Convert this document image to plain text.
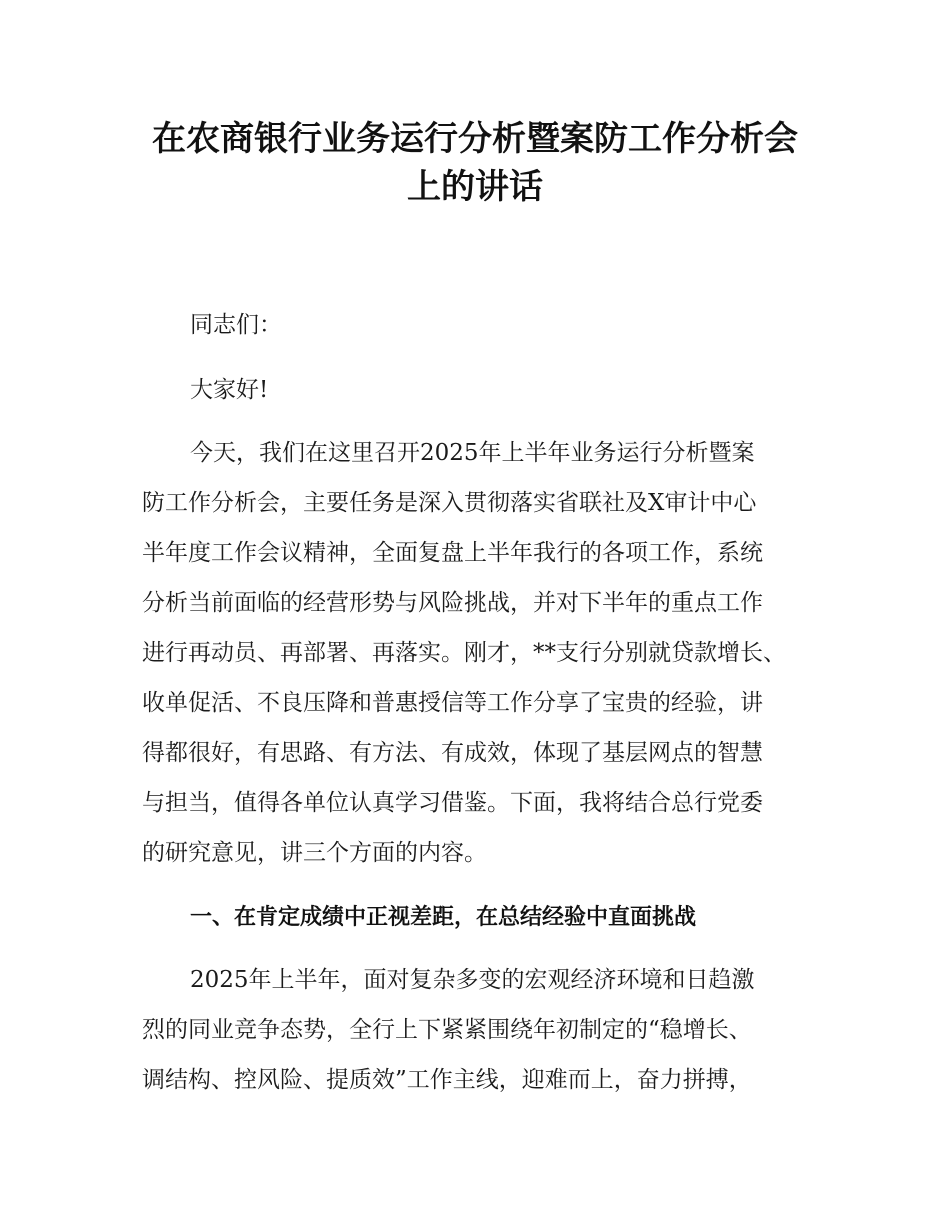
在农商银行业务运行分析暨案防工作分析会
上的讲话

同志们：

大家好!

今天，我们在这里召开2025年上半年业务运行分析暨案

防工作分析会，主要任务是深入贯彻落实省联社及X审计中心

半年度工作会议精神，全面复盘上半年我行的各项工作，系统

分析当前面临的经营形势与风险挑战，并对下半年的重点工作

进行再动员、再部署、再落实。刚才，**支行分别就贷款增长、

收单促活、不良压降和普惠授信等工作分享了宝贵的经验，讲

得都很好，有思路、有方法、有成效，体现了基层网点的智慧

与担当，值得各单位认真学习借鉴。下面，我将结合总行党委

的研究意见，讲三个方面的内容。

一、在肯定成绩中正视差距，在总结经验中直面挑战

2025年上半年，面对复杂多变的宏观经济环境和日趋激

烈的同业竞争态势，全行上下紧紧围绕年初制定的“稳增长、

调结构、控风险、提质效”工作主线，迎难而上，奋力拼搏，
